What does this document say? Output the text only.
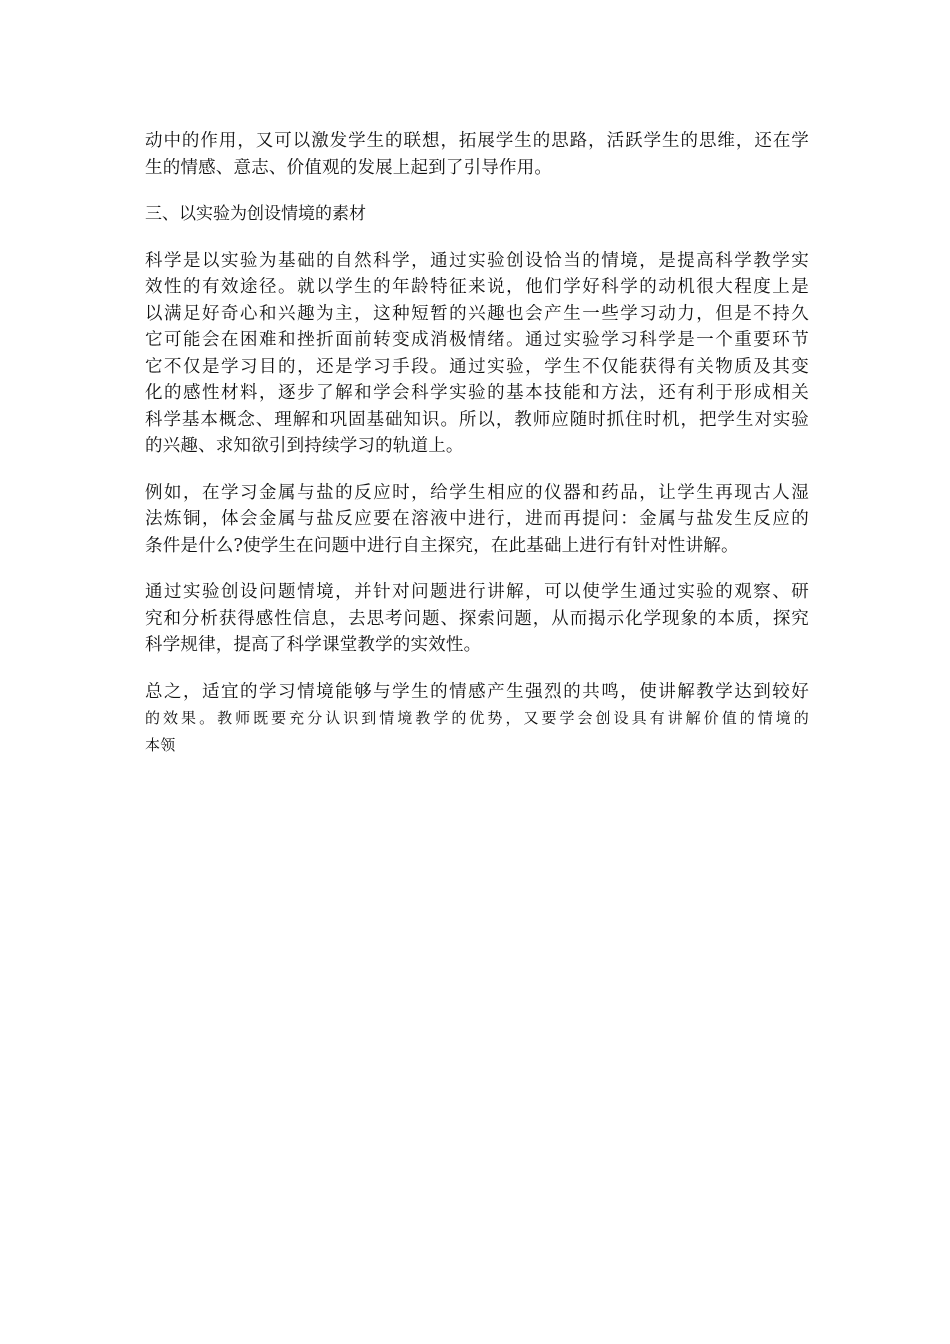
动中的作用，又可以激发学生的联想，拓展学生的思路，活跃学生的思维，还在学
生的情感、意志、价值观的发展上起到了引导作用。

三、以实验为创设情境的素材

科学是以实验为基础的自然科学，通过实验创设恰当的情境，是提高科学教学实
效性的有效途径。就以学生的年龄特征来说，他们学好科学的动机很大程度上是
以满足好奇心和兴趣为主，这种短暂的兴趣也会产生一些学习动力，但是不持久
它可能会在困难和挫折面前转变成消极情绪。通过实验学习科学是一个重要环节
它不仅是学习目的，还是学习手段。通过实验，学生不仅能获得有关物质及其变
化的感性材料，逐步了解和学会科学实验的基本技能和方法，还有利于形成相关
科学基本概念、理解和巩固基础知识。所以，教师应随时抓住时机，把学生对实验
的兴趣、求知欲引到持续学习的轨道上。

例如，在学习金属与盐的反应时，给学生相应的仪器和药品，让学生再现古人湿
法炼铜，体会金属与盐反应要在溶液中进行，进而再提问：金属与盐发生反应的
条件是什么?使学生在问题中进行自主探究，在此基础上进行有针对性讲解。

通过实验创设问题情境，并针对问题进行讲解，可以使学生通过实验的观察、研
究和分析获得感性信息，去思考问题、探索问题，从而揭示化学现象的本质，探究
科学规律，提高了科学课堂教学的实效性。

总之，适宜的学习情境能够与学生的情感产生强烈的共鸣，使讲解教学达到较好
的效果。教师既要充分认识到情境教学的优势，又要学会创设具有讲解价值的情境的
本领
